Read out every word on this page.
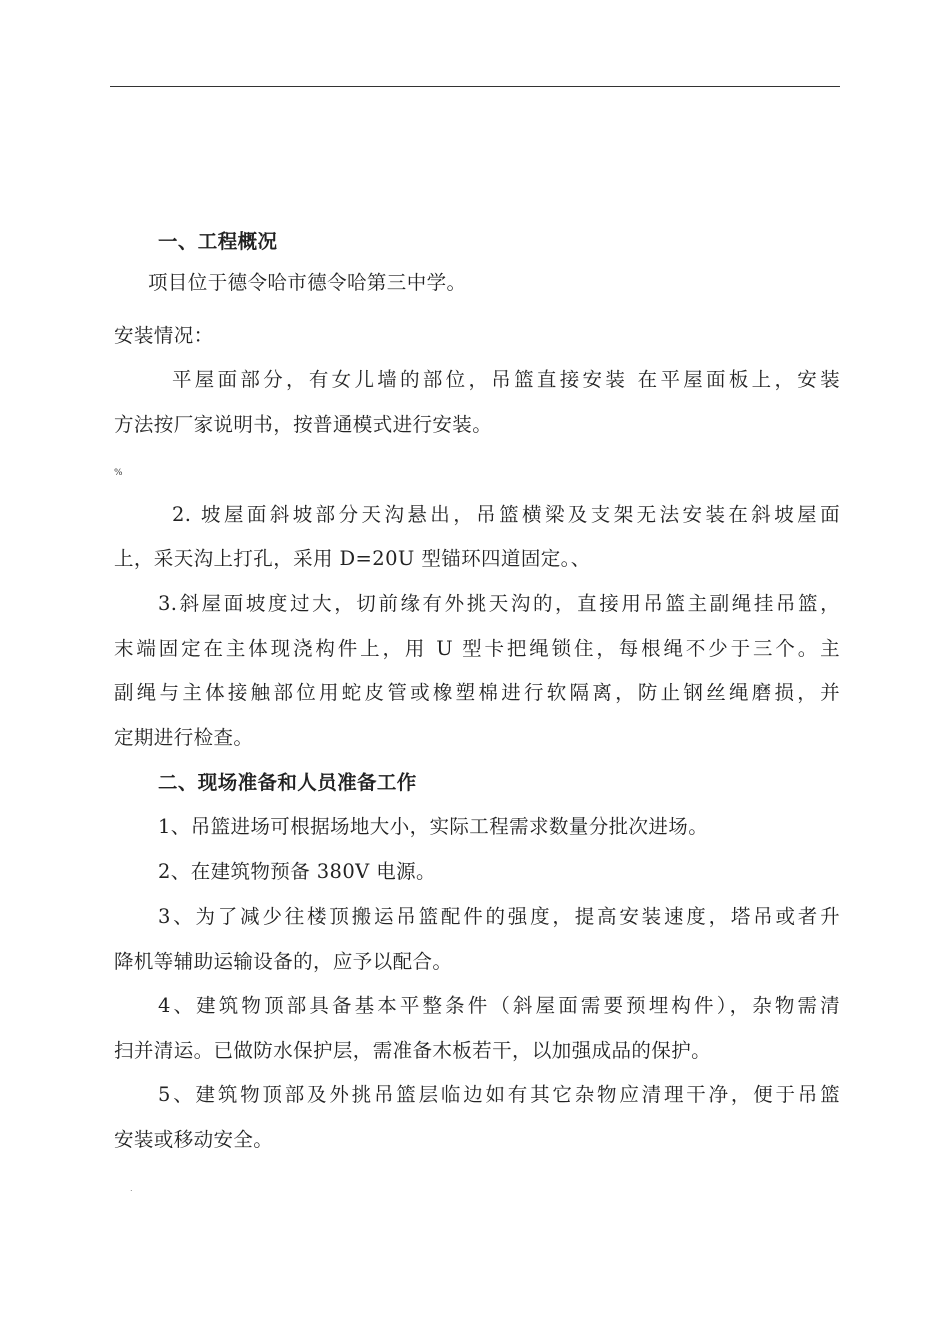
一、工程概况
项目位于德令哈市德令哈第三中学。
安装情况：
平屋面部分，有女儿墙的部位，吊篮直接安装 在平屋面板上，安装
方法按厂家说明书，按普通模式进行安装。
%
2. 坡屋面斜坡部分天沟悬出，吊篮横梁及支架无法安装在斜坡屋面
上，采天沟上打孔，采用 D=20U 型锚环四道固定。、
3.斜屋面坡度过大，切前缘有外挑天沟的，直接用吊篮主副绳挂吊篮，
末端固定在主体现浇构件上，用 U 型卡把绳锁住，每根绳不少于三个。主
副绳与主体接触部位用蛇皮管或橡塑棉进行软隔离，防止钢丝绳磨损，并
定期进行检查。
二、现场准备和人员准备工作
1、吊篮进场可根据场地大小，实际工程需求数量分批次进场。
2、在建筑物预备 380V 电源。
3、为了减少往楼顶搬运吊篮配件的强度，提高安装速度，塔吊或者升
降机等辅助运输设备的，应予以配合。
4、建筑物顶部具备基本平整条件（斜屋面需要预埋构件），杂物需清
扫并清运。已做防水保护层，需准备木板若干，以加强成品的保护。
5、建筑物顶部及外挑吊篮层临边如有其它杂物应清理干净，便于吊篮
安装或移动安全。
.
